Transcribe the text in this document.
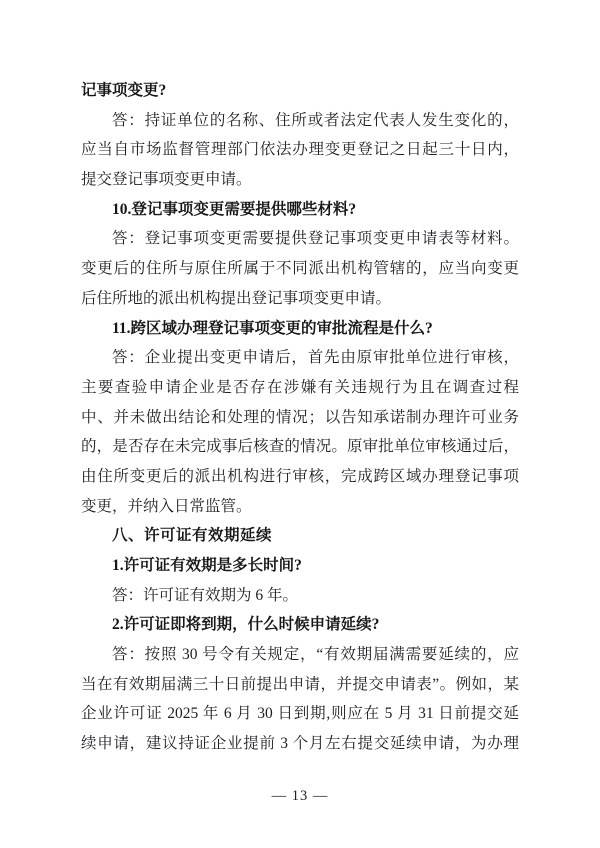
记事项变更?
答：持证单位的名称、住所或者法定代表人发生变化的，
应当自市场监督管理部门依法办理变更登记之日起三十日内，
提交登记事项变更申请。
10.登记事项变更需要提供哪些材料?
答：登记事项变更需要提供登记事项变更申请表等材料。
变更后的住所与原住所属于不同派出机构管辖的，应当向变更
后住所地的派出机构提出登记事项变更申请。
11.跨区域办理登记事项变更的审批流程是什么?
答：企业提出变更申请后，首先由原审批单位进行审核，
主要查验申请企业是否存在涉嫌有关违规行为且在调查过程
中、并未做出结论和处理的情况；以告知承诺制办理许可业务
的，是否存在未完成事后核查的情况。原审批单位审核通过后，
由住所变更后的派出机构进行审核，完成跨区域办理登记事项
变更，并纳入日常监管。
八、许可证有效期延续
1.许可证有效期是多长时间?
答：许可证有效期为 6 年。
2.许可证即将到期，什么时候申请延续?
答：按照 30 号令有关规定，“有效期届满需要延续的，应
当在有效期届满三十日前提出申请，并提交申请表”。例如，某
企业许可证 2025 年 6 月 30 日到期,则应在 5 月 31 日前提交延
续申请，建议持证企业提前 3 个月左右提交延续申请，为办理
— 13 —
